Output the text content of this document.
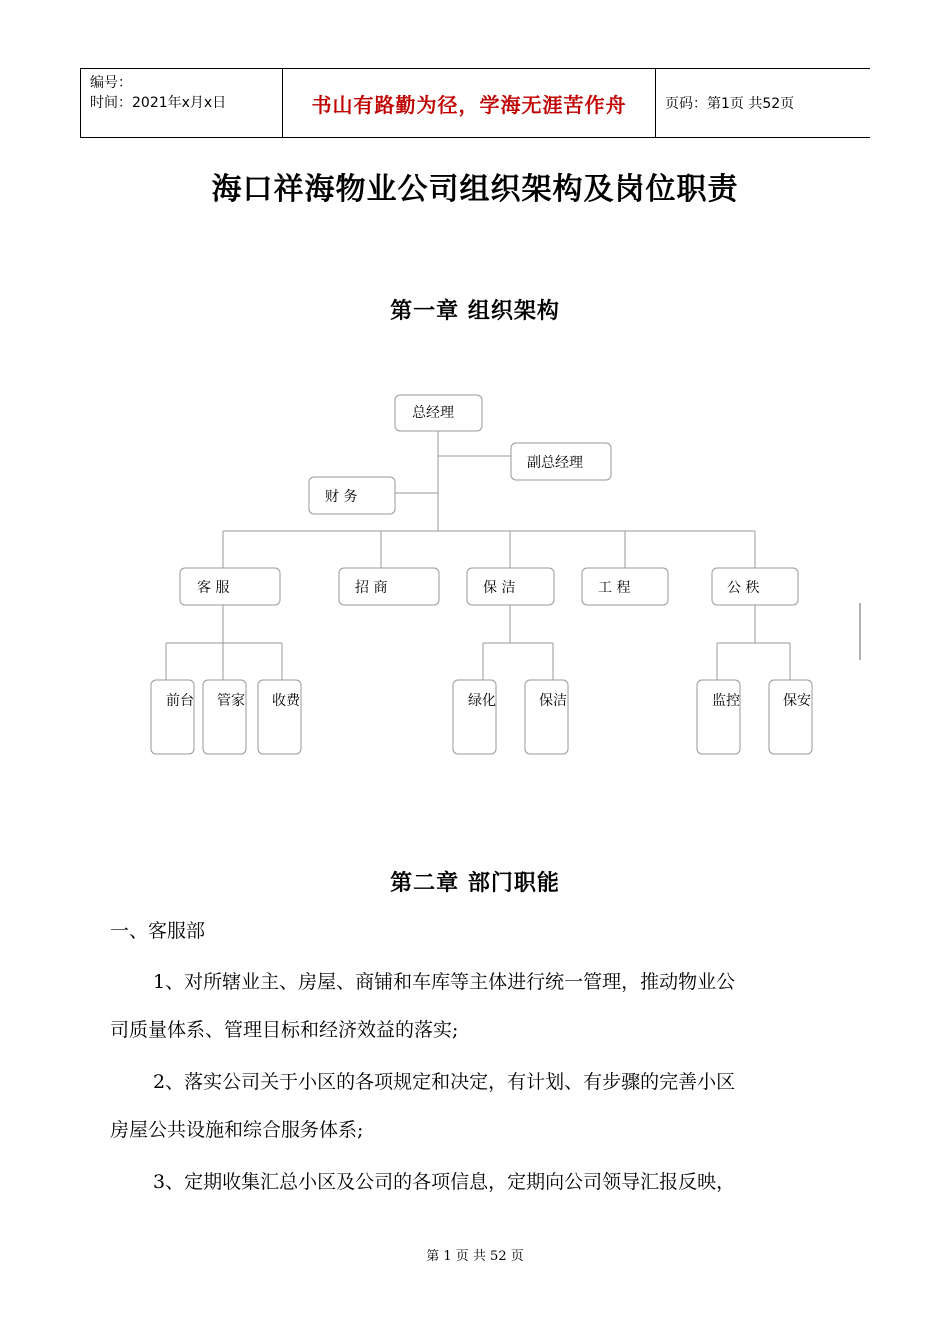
编号：
时间：2021年x月x日	书山有路勤为径，学海无涯苦作舟	页码：第1页 共52页
海口祥海物业公司组织架构及岗位职责
第一章 组织架构
总经理
副总经理
财 务
客 服	招 商	保 洁	工 程	公 秩
前台 管家 收费	绿化	保洁	监控	保安
第二章 部门职能
一、客服部
1、对所辖业主、房屋、商铺和车库等主体进行统一管理，推动物业公
司质量体系、管理目标和经济效益的落实;
2、落实公司关于小区的各项规定和决定，有计划、有步骤的完善小区
房屋公共设施和综合服务体系;
3、定期收集汇总小区及公司的各项信息，定期向公司领导汇报反映，
第 1 页 共 52 页
